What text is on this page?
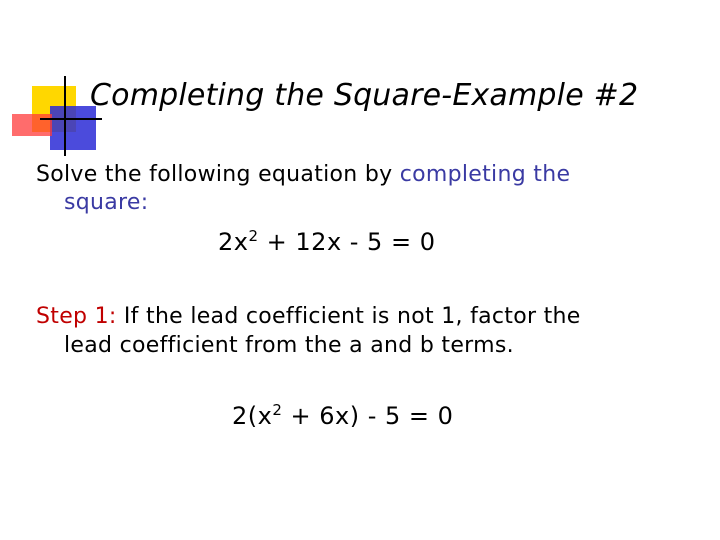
Completing the Square-Example #2
Solve the following equation by completing the
square:
$2x^2 + 12x - 5 = 0$
Step 1: If the lead coefficient is not 1, factor the
lead coefficient from the a and b terms.
$2(x^2 + 6x) - 5 = 0$
